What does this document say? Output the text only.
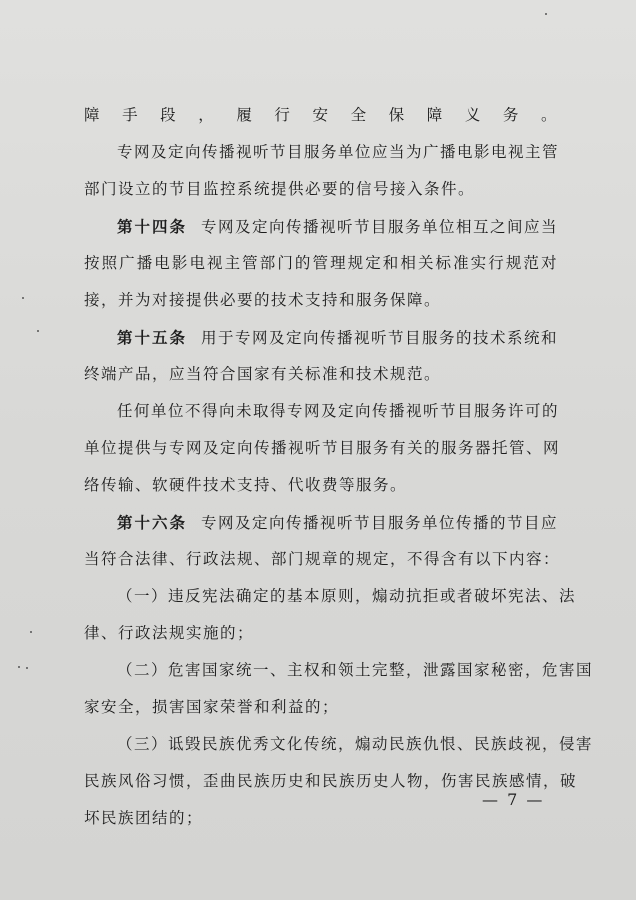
障手段，履行安全保障义务。
专网及定向传播视听节目服务单位应当为广播电影电视主管
部门设立的节目监控系统提供必要的信号接入条件。
第十四条 专网及定向传播视听节目服务单位相互之间应当
按照广播电影电视主管部门的管理规定和相关标准实行规范对
接，并为对接提供必要的技术支持和服务保障。
第十五条 用于专网及定向传播视听节目服务的技术系统和
终端产品，应当符合国家有关标准和技术规范。
任何单位不得向未取得专网及定向传播视听节目服务许可的
单位提供与专网及定向传播视听节目服务有关的服务器托管、网
络传输、软硬件技术支持、代收费等服务。
第十六条 专网及定向传播视听节目服务单位传播的节目应
当符合法律、行政法规、部门规章的规定，不得含有以下内容：
（一）违反宪法确定的基本原则，煽动抗拒或者破坏宪法、法
律、行政法规实施的；
（二）危害国家统一、主权和领土完整，泄露国家秘密，危害国
家安全，损害国家荣誉和利益的；
（三）诋毁民族优秀文化传统，煽动民族仇恨、民族歧视，侵害
民族风俗习惯，歪曲民族历史和民族历史人物，伤害民族感情，破
坏民族团结的；
— 7 —
